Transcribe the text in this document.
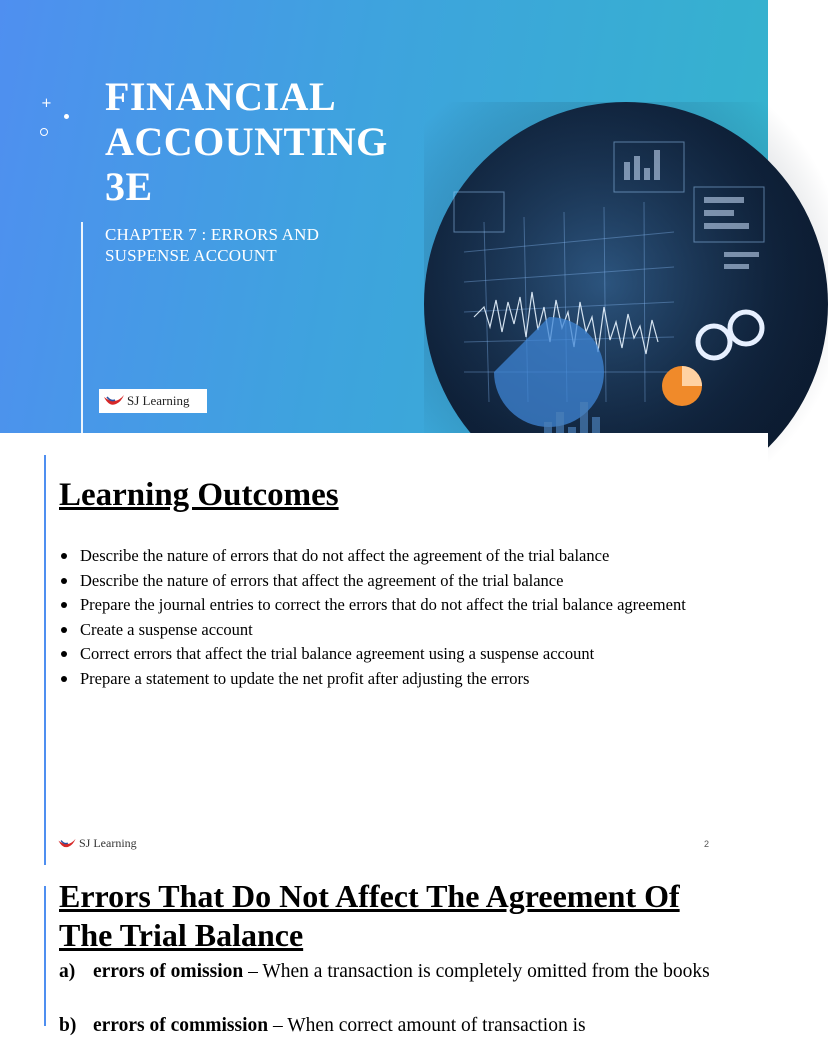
+ FINANCIAL
ACCOUNTING
3E

CHAPTER 7 : ERRORS AND
SUSPENSE ACCOUNT

SJ Learning
Learning Outcomes
Describe the nature of errors that do not affect the agreement of the trial balance
Describe the nature of errors that affect the agreement of the trial balance
Prepare the journal entries to correct the errors that do not affect the trial balance agreement
Create a suspense account
Correct errors that affect the trial balance agreement using a suspense account
Prepare a statement to update the net profit after adjusting the errors
SJ Learning	2
Errors That Do Not Affect The Agreement Of
The Trial Balance
a) errors of omission – When a transaction is completely omitted from the books
b) errors of commission – When correct amount of transaction is
